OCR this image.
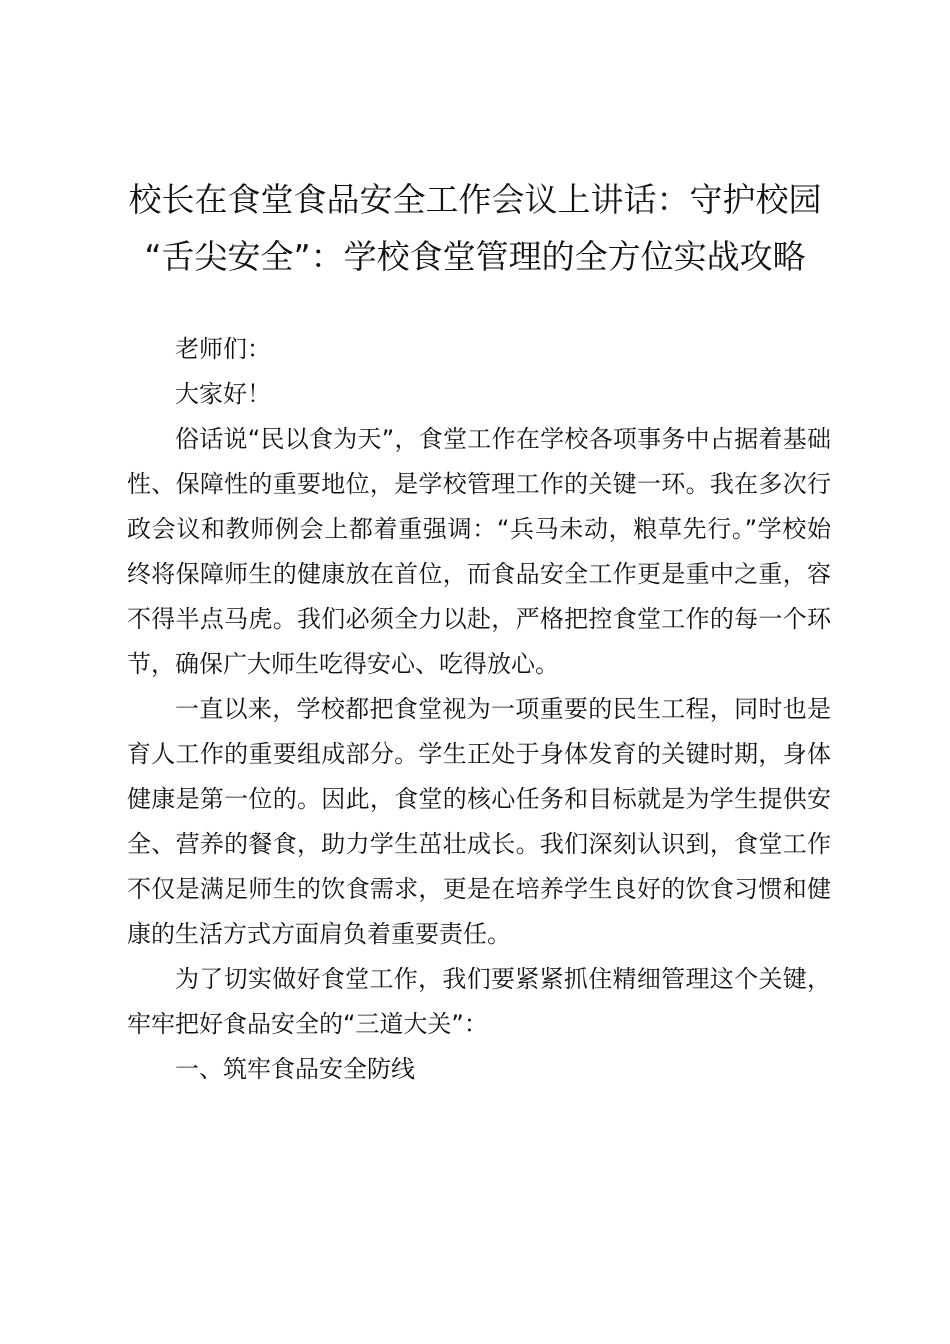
校长在食堂食品安全工作会议上讲话：守护校园 “舌尖安全”：学校食堂管理的全方位实战攻略

老师们：

大家好！

俗话说“民以食为天”，食堂工作在学校各项事务中占据着基础性、保障性的重要地位，是学校管理工作的关键一环。我在多次行政会议和教师例会上都着重强调：“兵马未动，粮草先行。”学校始终将保障师生的健康放在首位，而食品安全工作更是重中之重，容不得半点马虎。我们必须全力以赴，严格把控食堂工作的每一个环节，确保广大师生吃得安心、吃得放心。

一直以来，学校都把食堂视为一项重要的民生工程，同时也是育人工作的重要组成部分。学生正处于身体发育的关键时期，身体健康是第一位的。因此，食堂的核心任务和目标就是为学生提供安全、营养的餐食，助力学生茁壮成长。我们深刻认识到，食堂工作不仅是满足师生的饮食需求，更是在培养学生良好的饮食习惯和健康的生活方式方面肩负着重要责任。

为了切实做好食堂工作，我们要紧紧抓住精细管理这个关键，牢牢把好食品安全的“三道大关”：

一、筑牢食品安全防线
